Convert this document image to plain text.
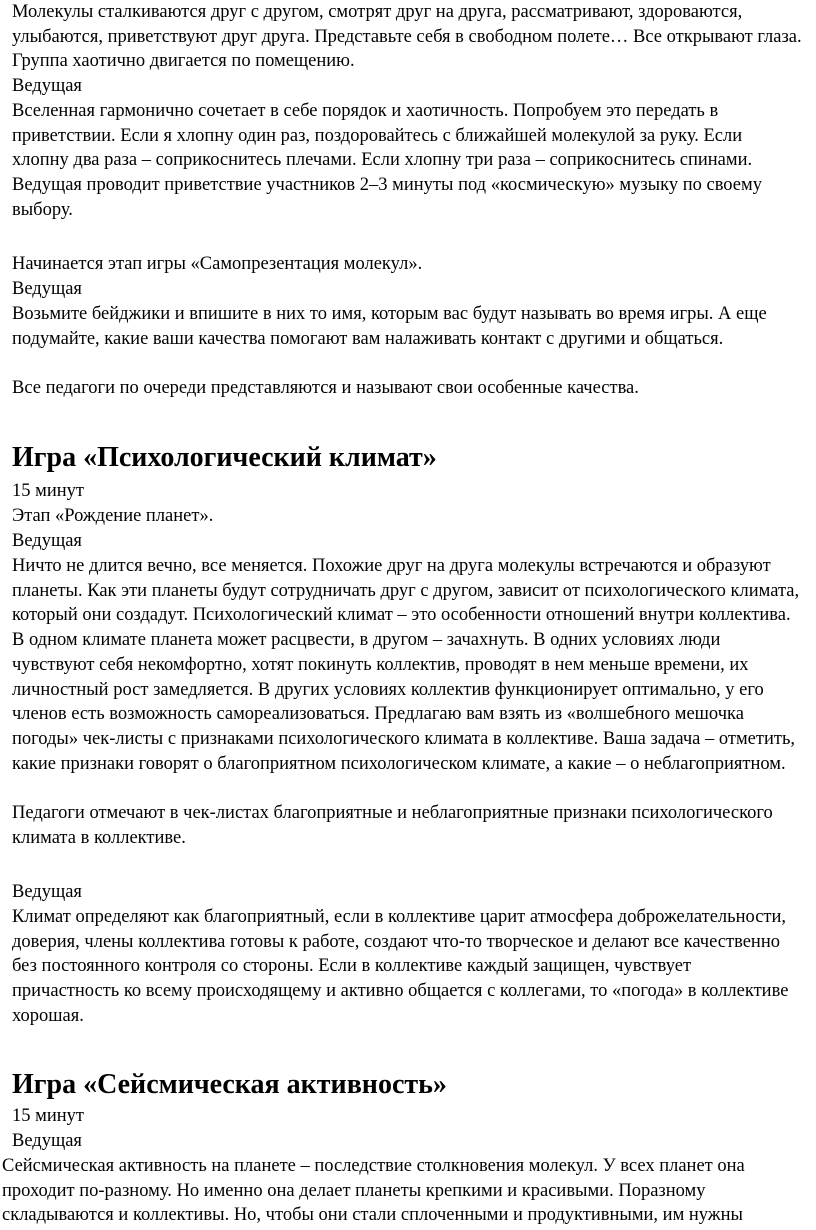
Молекулы сталкиваются друг с другом, смотрят друг на друга, рассматривают, здороваются, улыбаются, приветствуют друг друга. Представьте себя в свободном полете… Все открывают глаза. Группа хаотично двигается по помещению.

Ведущая

Вселенная гармонично сочетает в себе порядок и хаотичность. Попробуем это передать в приветствии. Если я хлопну один раз, поздоровайтесь с ближайшей молекулой за руку. Если хлопну два раза – соприкоснитесь плечами. Если хлопну три раза – соприкоснитесь спинами.

Ведущая проводит приветствие участников 2–3 минуты под «космическую» музыку по своему выбору.

Начинается этап игры «Самопрезентация молекул».

Ведущая

Возьмите бейджики и впишите в них то имя, которым вас будут называть во время игры. А еще подумайте, какие ваши качества помогают вам налаживать контакт с другими и общаться.

Все педагоги по очереди представляются и называют свои особенные качества.

Игра «Психологический климат»

15 минут

Этап «Рождение планет».

Ведущая

Ничто не длится вечно, все меняется. Похожие друг на друга молекулы встречаются и образуют планеты. Как эти планеты будут сотрудничать друг с другом, зависит от психологического климата, который они создадут. Психологический климат – это особенности отношений внутри коллектива. В одном климате планета может расцвести, в другом – зачахнуть. В одних условиях люди чувствуют себя некомфортно, хотят покинуть коллектив, проводят в нем меньше времени, их личностный рост замедляется. В других условиях коллектив функционирует оптимально, у его членов есть возможность самореализоваться. Предлагаю вам взять из «волшебного мешочка погоды» чек-листы с признаками психологического климата в коллективе. Ваша задача – отметить, какие признаки говорят о благоприятном психологическом климате, а какие – о неблагоприятном.

Педагоги отмечают в чек-листах благоприятные и неблагоприятные признаки психологического климата в коллективе.

Ведущая

Климат определяют как благоприятный, если в коллективе царит атмосфера доброжелательности, доверия, члены коллектива готовы к работе, создают что-то творческое и делают все качественно без постоянного контроля со стороны. Если в коллективе каждый защищен, чувствует причастность ко всему происходящему и активно общается с коллегами, то «погода» в коллективе хорошая.

Игра «Сейсмическая активность»

15 минут

Ведущая

Сейсмическая активность на планете – последствие столкновения молекул. У всех планет она проходит по-разному. Но именно она делает планеты крепкими и красивыми. Поразному складываются и коллективы. Но, чтобы они стали сплоченными и продуктивными, им нужны
